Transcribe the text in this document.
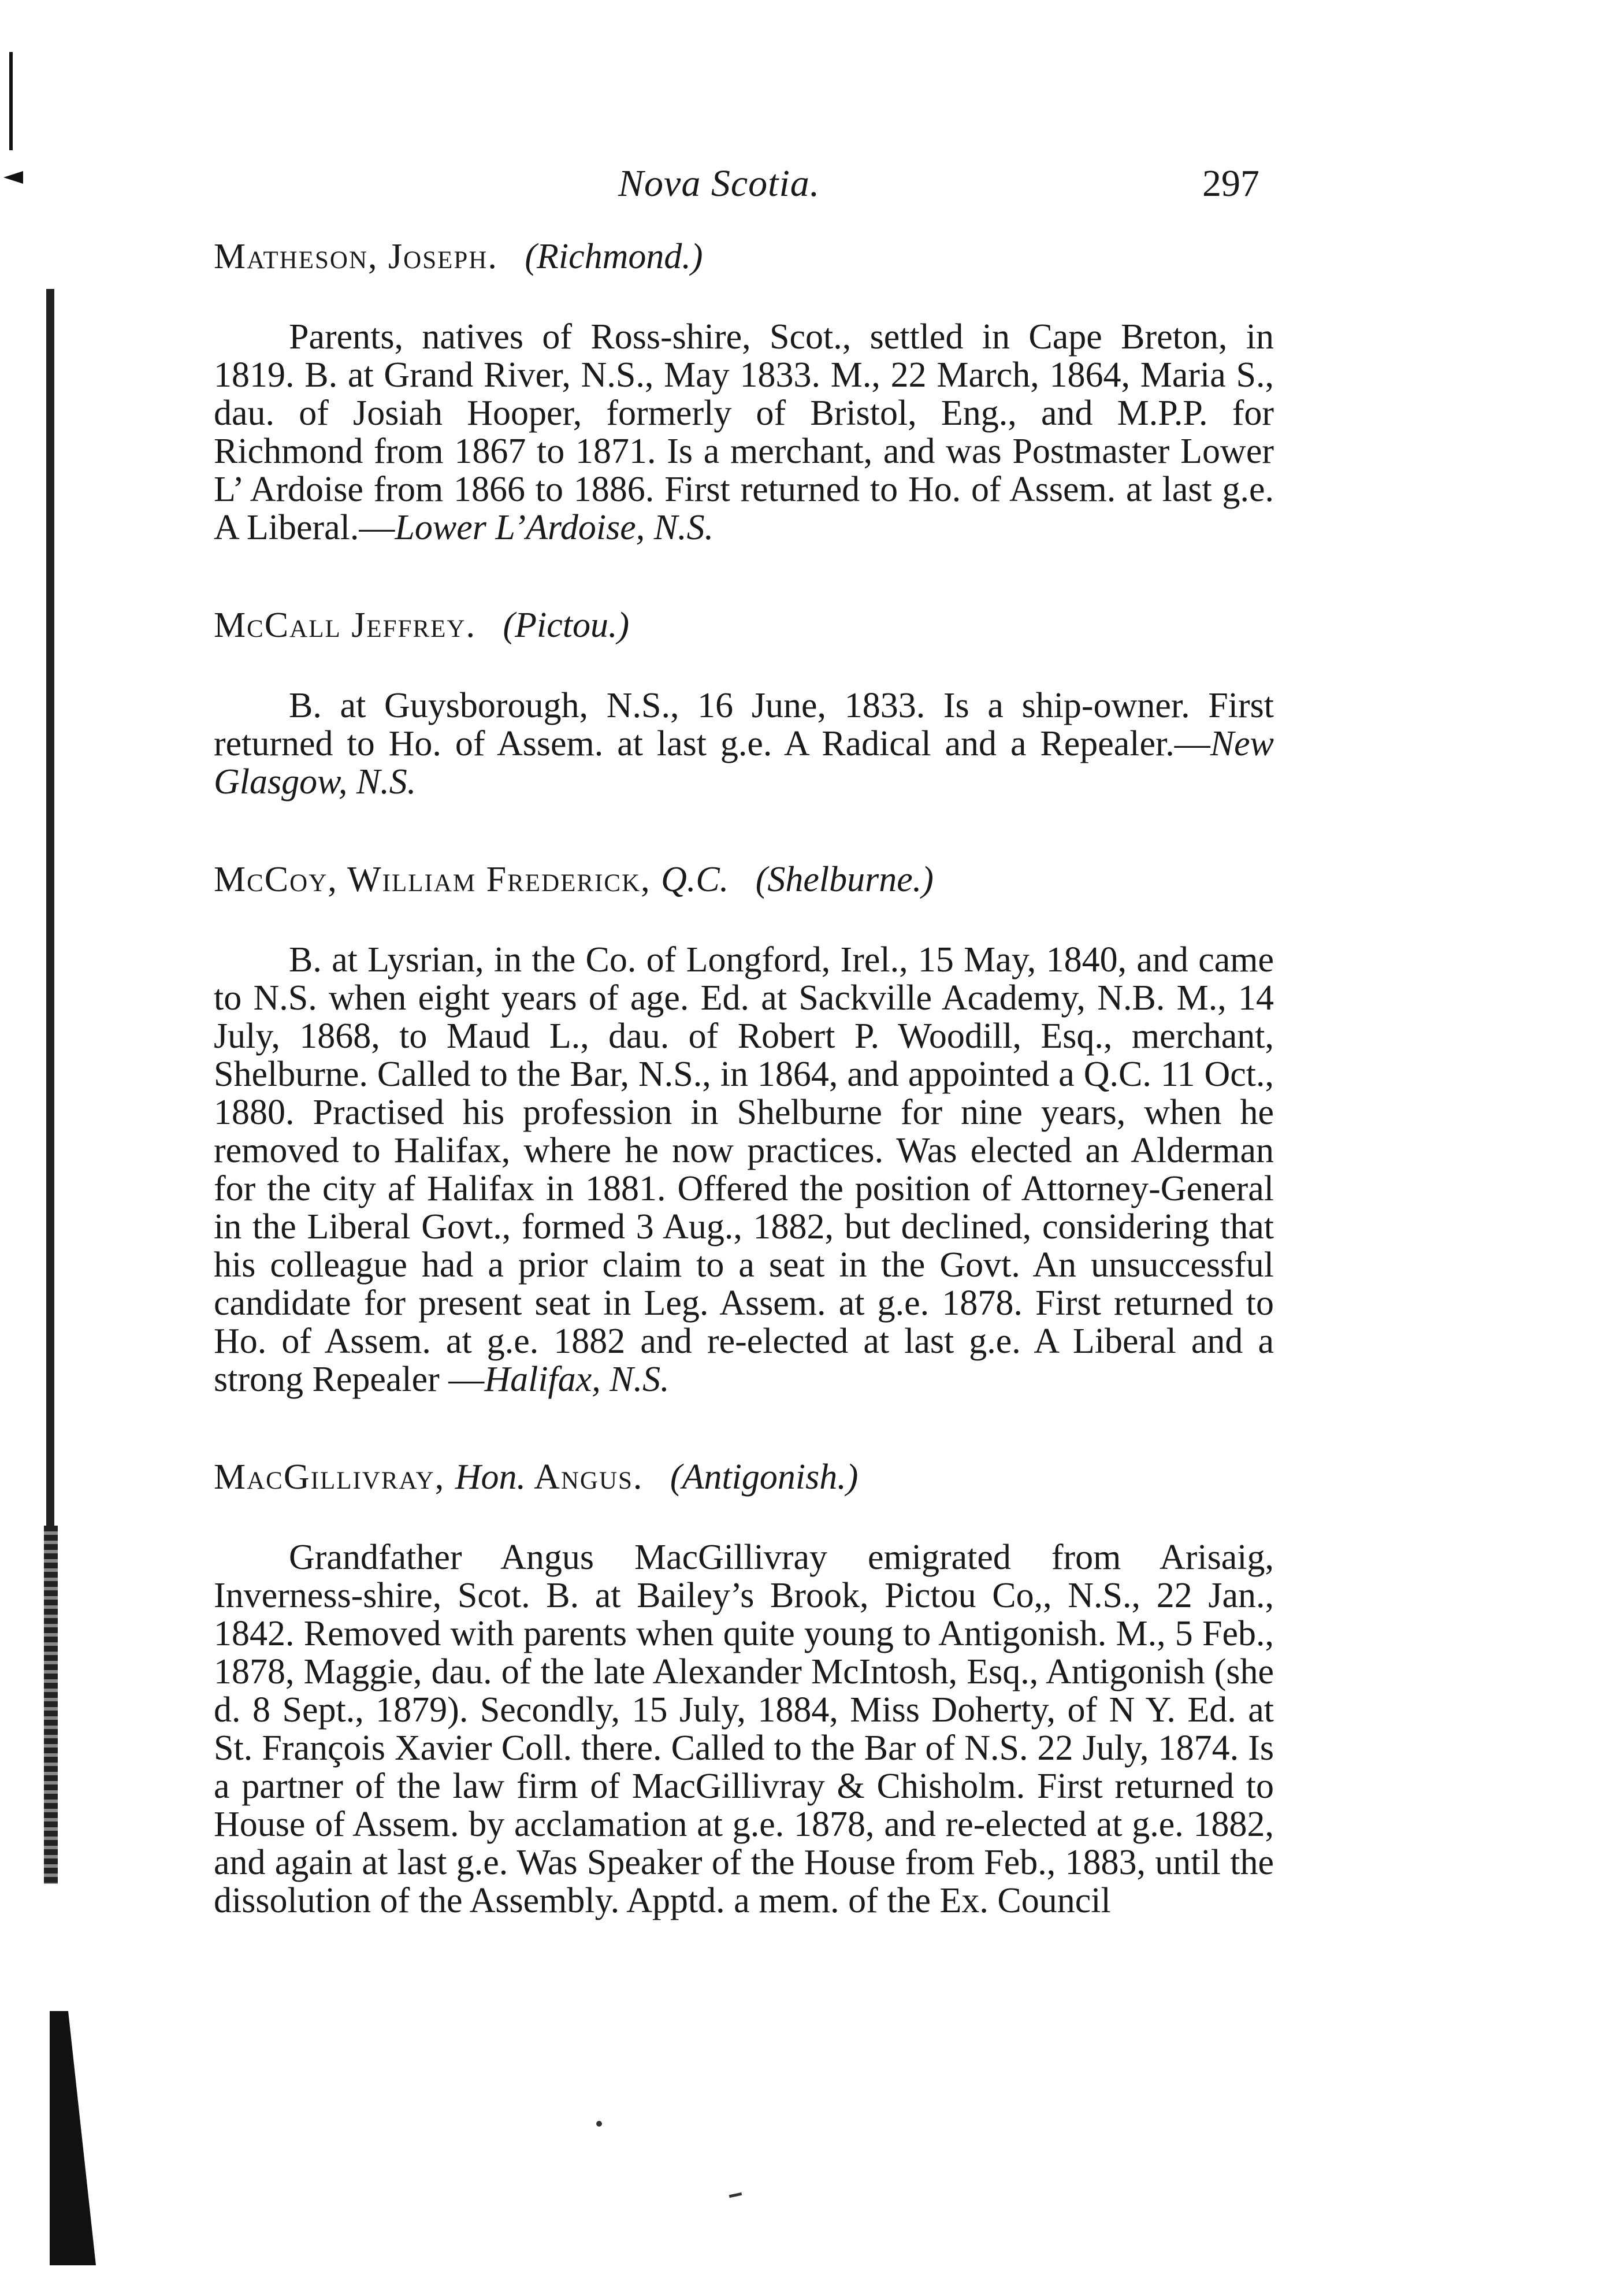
Nova Scotia.	297
Matheson, Joseph. (Richmond.)

Parents, natives of Ross-shire, Scot., settled in Cape Breton, in 1819. B. at Grand River, N.S., May 1833. M., 22 March, 1864, Maria S., dau. of Josiah Hooper, formerly of Bristol, Eng., and M.P.P. for Richmond from 1867 to 1871. Is a merchant, and was Postmaster Lower L’ Ardoise from 1866 to 1886. First returned to Ho. of Assem. at last g.e. A Liberal.—Lower L’Ardoise, N.S.

McCall Jeffrey. (Pictou.)

B. at Guysborough, N.S., 16 June, 1833. Is a ship-owner. First returned to Ho. of Assem. at last g.e. A Radical and a Repealer.—New Glasgow, N.S.

McCoy, William Frederick, Q.C. (Shelburne.)

B. at Lysrian, in the Co. of Longford, Irel., 15 May, 1840, and came to N.S. when eight years of age. Ed. at Sackville Academy, N.B. M., 14 July, 1868, to Maud L., dau. of Robert P. Woodill, Esq., merchant, Shelburne. Called to the Bar, N.S., in 1864, and appointed a Q.C. 11 Oct., 1880. Practised his profession in Shelburne for nine years, when he removed to Halifax, where he now practices. Was elected an Alderman for the city af Halifax in 1881. Offered the position of Attorney-General in the Liberal Govt., formed 3 Aug., 1882, but declined, considering that his colleague had a prior claim to a seat in the Govt. An unsuccessful candidate for present seat in Leg. Assem. at g.e. 1878. First returned to Ho. of Assem. at g.e. 1882 and re-elected at last g.e. A Liberal and a strong Repealer —Halifax, N.S.

MacGillivray, Hon. Angus. (Antigonish.)

Grandfather Angus MacGillivray emigrated from Arisaig, Inverness-shire, Scot. B. at Bailey’s Brook, Pictou Co,, N.S., 22 Jan., 1842. Removed with parents when quite young to Antigonish. M., 5 Feb., 1878, Maggie, dau. of the late Alexander McIntosh, Esq., Antigonish (she d. 8 Sept., 1879). Secondly, 15 July, 1884, Miss Doherty, of N Y. Ed. at St. François Xavier Coll. there. Called to the Bar of N.S. 22 July, 1874. Is a partner of the law firm of MacGillivray & Chisholm. First returned to House of Assem. by acclamation at g.e. 1878, and re-elected at g.e. 1882, and again at last g.e. Was Speaker of the House from Feb., 1883, until the dissolution of the Assembly. Apptd. a mem. of the Ex. Council
